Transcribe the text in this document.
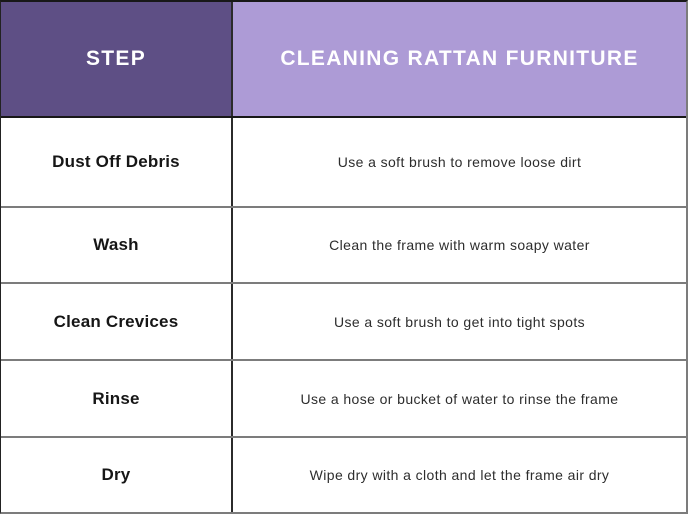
STEP	CLEANING RATTAN FURNITURE
Dust Off Debris	Use a soft brush to remove loose dirt
Wash	Clean the frame with warm soapy water
Clean Crevices	Use a soft brush to get into tight spots
Rinse	Use a hose or bucket of water to rinse the frame
Dry	Wipe dry with a cloth and let the frame air dry
